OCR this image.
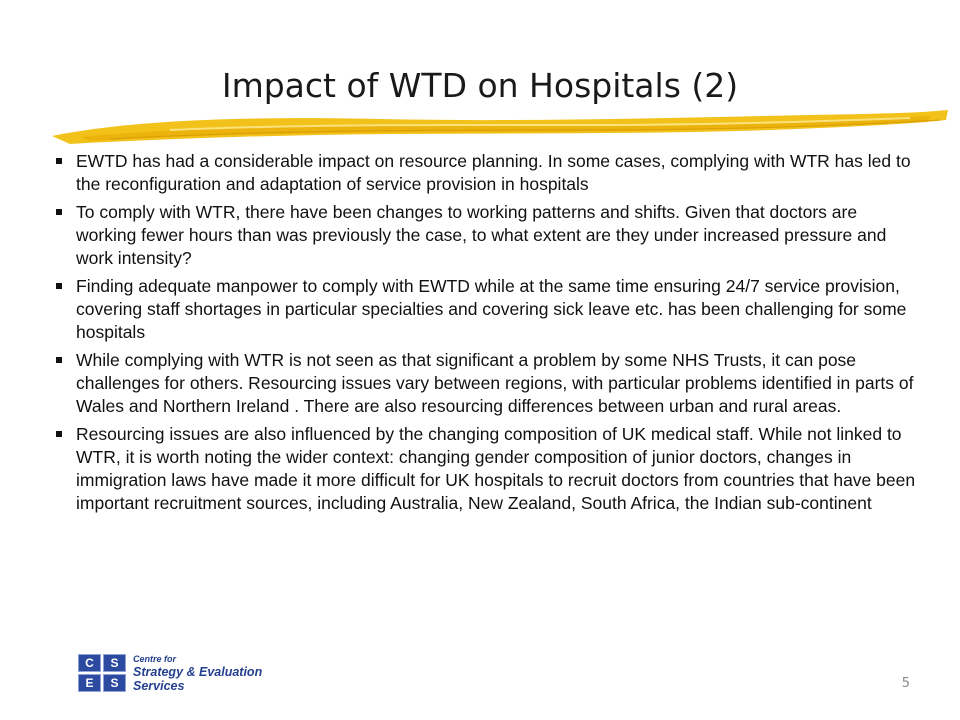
Impact of WTD on Hospitals (2)
EWTD has had a considerable impact on resource planning. In some cases, complying with WTR has led to the reconfiguration and adaptation of service provision in hospitals
To comply with WTR, there have been changes to working patterns and shifts. Given that doctors are working fewer hours than was previously the case, to what extent are they under increased pressure and work intensity?
Finding adequate manpower to comply with EWTD while at the same time ensuring 24/7 service provision, covering staff shortages in particular specialties and covering sick leave etc. has been challenging for some hospitals
While complying with WTR is not seen as that significant a problem by some NHS Trusts, it can pose challenges for others. Resourcing issues vary between regions, with particular problems identified in parts of Wales and Northern Ireland . There are also resourcing differences between urban and rural areas.
Resourcing issues are also influenced by the changing composition of UK medical staff. While not linked to WTR, it is worth noting the wider context: changing gender composition of junior doctors, changes in immigration laws have made it more difficult for UK hospitals to recruit doctors from countries that have been important recruitment sources, including Australia, New Zealand, South Africa, the Indian sub-continent
C	S
E	S
Centre for
Strategy & Evaluation
Services	5
